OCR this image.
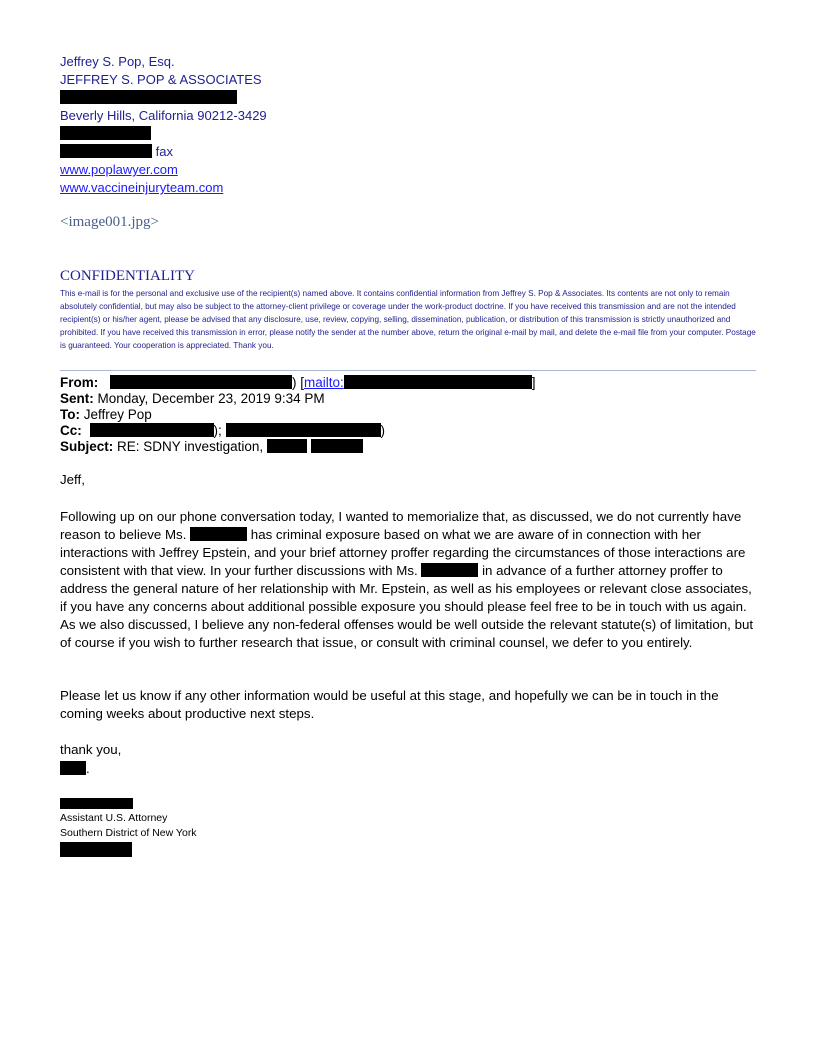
Jeffrey S. Pop, Esq.
JEFFREY S. POP & ASSOCIATES
Beverly Hills, California 90212-3429
fax
www.poplawyer.com
www.vaccineinjuryteam.com
<image001.jpg>
CONFIDENTIALITY
This e-mail is for the personal and exclusive use of the recipient(s) named above. It contains confidential information from Jeffrey S. Pop & Associates. Its contents are not only to remain absolutely confidential, but may also be subject to the attorney-client privilege or coverage under the work-product doctrine. If you have received this transmission and are not the intended recipient(s) or his/her agent, please be advised that any disclosure, use, review, copying, selling, dissemination, publication, or distribution of this transmission is strictly unauthorized and prohibited. If you have received this transmission in error, please notify the sender at the number above, return the original e-mail by mail, and delete the e-mail file from your computer. Postage is guaranteed. Your cooperation is appreciated. Thank you.
From:	) [mailto:	]
Sent: Monday, December 23, 2019 9:34 PM
To: Jeffrey Pop
Cc:	);	)
Subject: RE: SDNY investigation,
Jeff,
Following up on our phone conversation today, I wanted to memorialize that, as discussed, we do not currently have reason to believe Ms.	has criminal exposure based on what we are aware of in connection with her interactions with Jeffrey Epstein, and your brief attorney proffer regarding the circumstances of those interactions are consistent with that view. In your further discussions with Ms.	in advance of a further attorney proffer to address the general nature of her relationship with Mr. Epstein, as well as his employees or relevant close associates, if you have any concerns about additional possible exposure you should please feel free to be in touch with us again. As we also discussed, I believe any non-federal offenses would be well outside the relevant statute(s) of limitation, but of course if you wish to further research that issue, or consult with criminal counsel, we defer to you entirely.
Please let us know if any other information would be useful at this stage, and hopefully we can be in touch in the coming weeks about productive next steps.
thank you,
.
Assistant U.S. Attorney
Southern District of New York
